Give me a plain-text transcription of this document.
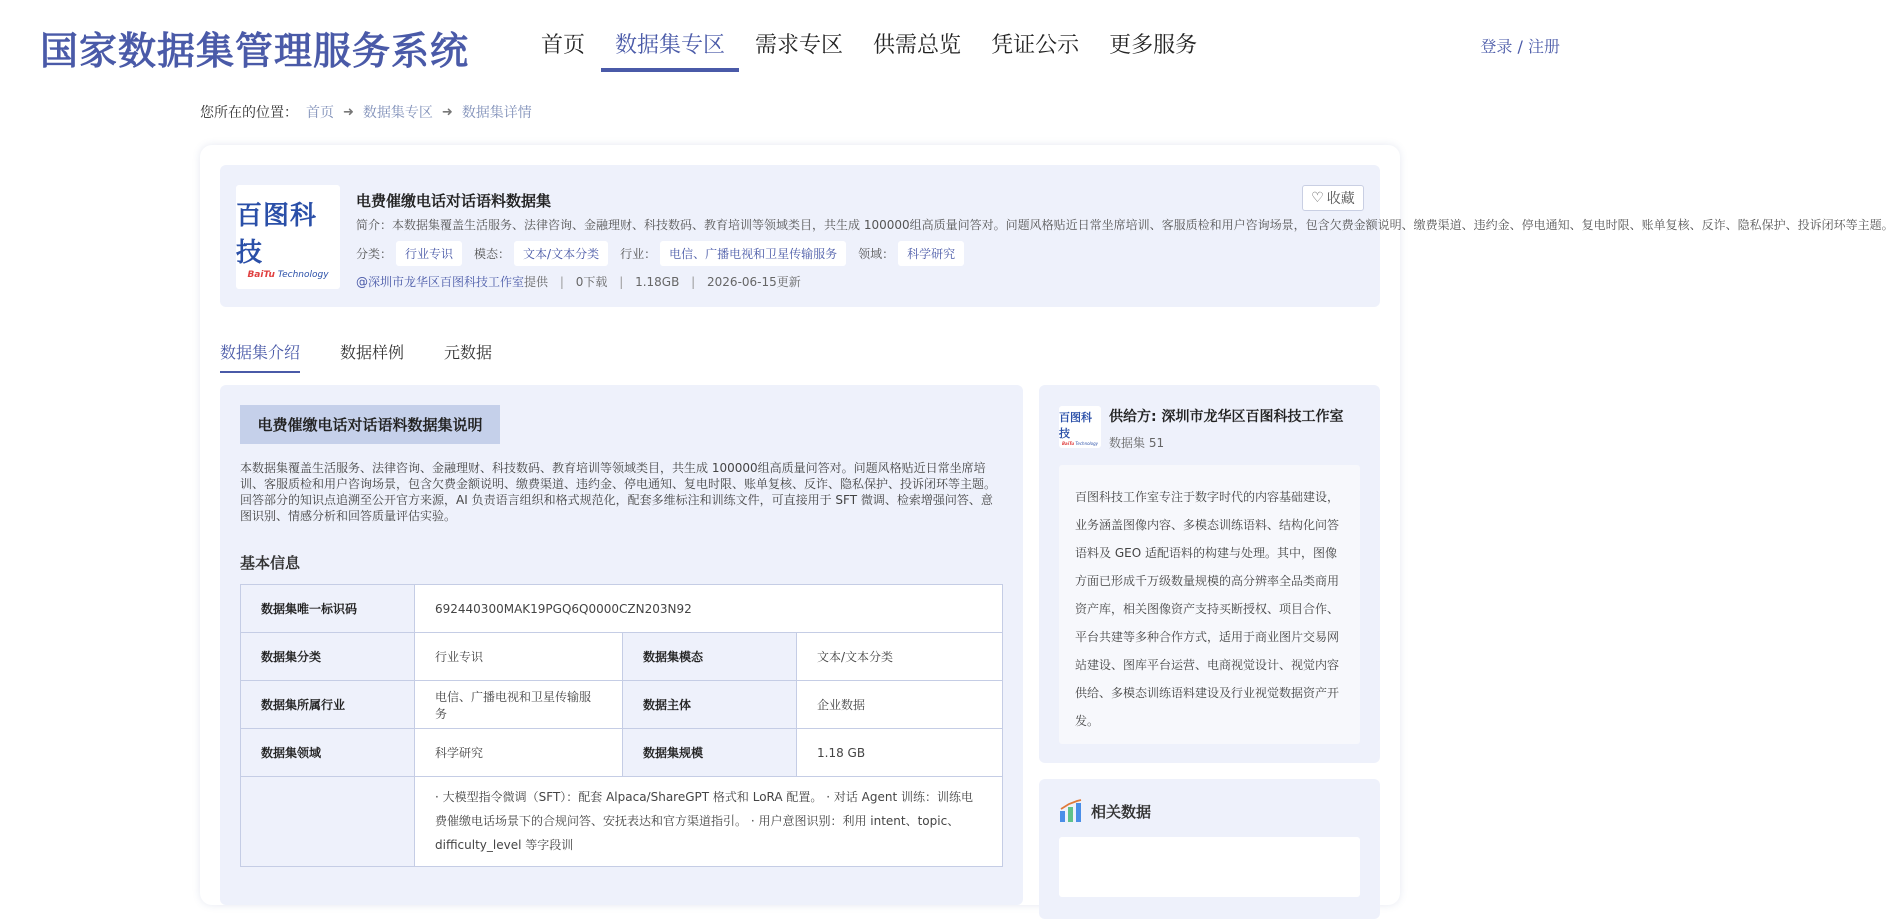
国家数据集管理服务系统	首页	数据集专区	需求专区	供需总览	凭证公示	更多服务	登录 / 注册
您所在的位置： 首页 ➜ 数据集专区 ➜ 数据集详情
百图科技
BaiTu Technology
电费催缴电话对话语料数据集	♡ 收藏
简介：本数据集覆盖生活服务、法律咨询、金融理财、科技数码、教育培训等领域类目，共生成 100000组高质量问答对。问题风格贴近日常坐席培训、客服质检和用户咨询场景，包含欠费金额说明、缴费渠道、违约金、停电通知、复电时限、账单复核、反诈、隐私保护、投诉闭环等主题。
分类：	行业专识	模态：	文本/文本分类	行业：	电信、广播电视和卫星传输服务	领域：	科学研究
@深圳市龙华区百图科技工作室提供 | 0下载 | 1.18GB | 2026-06-15更新
数据集介绍	数据样例	元数据
电费催缴电话对话语料数据集说明
本数据集覆盖生活服务、法律咨询、金融理财、科技数码、教育培训等领域类目，共生成 100000组高质量问答对。问题风格贴近日常坐席培训、客服质检和用户咨询场景，包含欠费金额说明、缴费渠道、违约金、停电通知、复电时限、账单复核、反诈、隐私保护、投诉闭环等主题。回答部分的知识点追溯至公开官方来源，AI 负责语言组织和格式规范化，配套多维标注和训练文件，可直接用于 SFT 微调、检索增强问答、意图识别、情感分析和回答质量评估实验。
基本信息
数据集唯一标识码	692440300MAK19PGQ6Q0000CZN203N92		
数据集分类	行业专识	数据集模态	文本/文本分类
数据集所属行业	电信、广播电视和卫星传输服务	数据主体	企业数据
数据集领域	科学研究	数据集规模	1.18 GB
	· 大模型指令微调（SFT）：配套 Alpaca/ShareGPT 格式和 LoRA 配置。 · 对话 Agent 训练：训练电费催缴电话场景下的合规问答、安抚表达和官方渠道指引。 · 用户意图识别：利用 intent、topic、difficulty_level 等字段训		
百图科技
BaiTu Technology
供给方: 深圳市龙华区百图科技工作室
数据集 51
百图科技工作室专注于数字时代的内容基础建设，业务涵盖图像内容、多模态训练语料、结构化问答语料及 GEO 适配语料的构建与处理。其中，图像方面已形成千万级数量规模的高分辨率全品类商用资产库，相关图像资产支持买断授权、项目合作、平台共建等多种合作方式，适用于商业图片交易网站建设、图库平台运营、电商视觉设计、视觉内容供给、多模态训练语料建设及行业视觉数据资产开发。
相关数据
